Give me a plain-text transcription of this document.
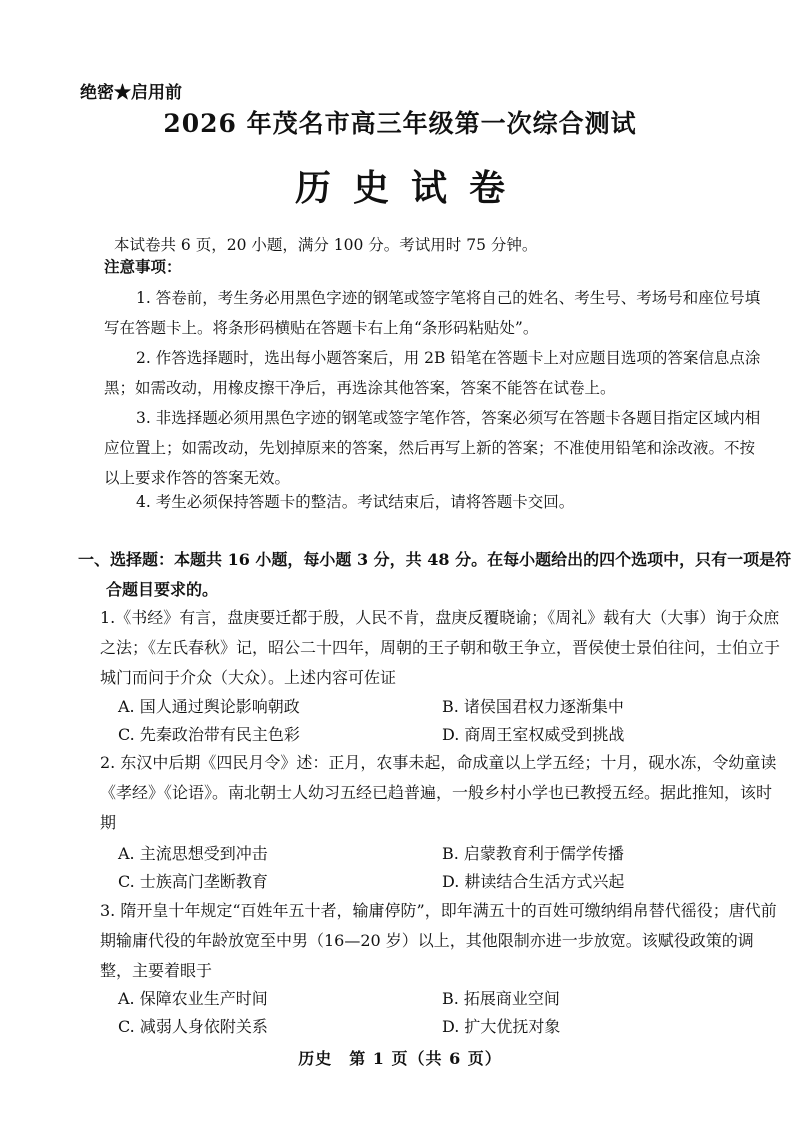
绝密★启用前
2026 年茂名市高三年级第一次综合测试
历史试卷

本试卷共 6 页，20 小题，满分 100 分。考试用时 75 分钟。

注意事项：

1. 答卷前，考生务必用黑色字迹的钢笔或签字笔将自己的姓名、考生号、考场号和座位号填写在答题卡上。将条形码横贴在答题卡右上角“条形码粘贴处”。

2. 作答选择题时，选出每小题答案后，用 2B 铅笔在答题卡上对应题目选项的答案信息点涂黑；如需改动，用橡皮擦干净后，再选涂其他答案，答案不能答在试卷上。

3. 非选择题必须用黑色字迹的钢笔或签字笔作答，答案必须写在答题卡各题目指定区域内相应位置上；如需改动，先划掉原来的答案，然后再写上新的答案；不准使用铅笔和涂改液。不按以上要求作答的答案无效。

4. 考生必须保持答题卡的整洁。考试结束后，请将答题卡交回。

一、选择题：本题共 16 小题，每小题 3 分，共 48 分。在每小题给出的四个选项中，只有一项是符合题目要求的。

1.《书经》有言，盘庚要迁都于殷，人民不肯，盘庚反覆晓谕；《周礼》载有大（大事）询于众庶之法；《左氏春秋》记，昭公二十四年，周朝的王子朝和敬王争立，晋侯使士景伯往问，士伯立于城门而问于介众（大众）。上述内容可佐证

A. 国人通过舆论影响朝政	B. 诸侯国君权力逐渐集中
C. 先秦政治带有民主色彩	D. 商周王室权威受到挑战

2. 东汉中后期《四民月令》述：正月，农事未起，命成童以上学五经；十月，砚水冻，令幼童读《孝经》《论语》。南北朝士人幼习五经已趋普遍，一般乡村小学也已教授五经。据此推知，该时期

A. 主流思想受到冲击	B. 启蒙教育利于儒学传播
C. 士族高门垄断教育	D. 耕读结合生活方式兴起

3. 隋开皇十年规定“百姓年五十者，输庸停防”，即年满五十的百姓可缴纳绢帛替代徭役；唐代前期输庸代役的年龄放宽至中男（16—20 岁）以上，其他限制亦进一步放宽。该赋役政策的调整，主要着眼于

A. 保障农业生产时间	B. 拓展商业空间
C. 减弱人身依附关系	D. 扩大优抚对象
历史　第 1 页（共 6 页）
